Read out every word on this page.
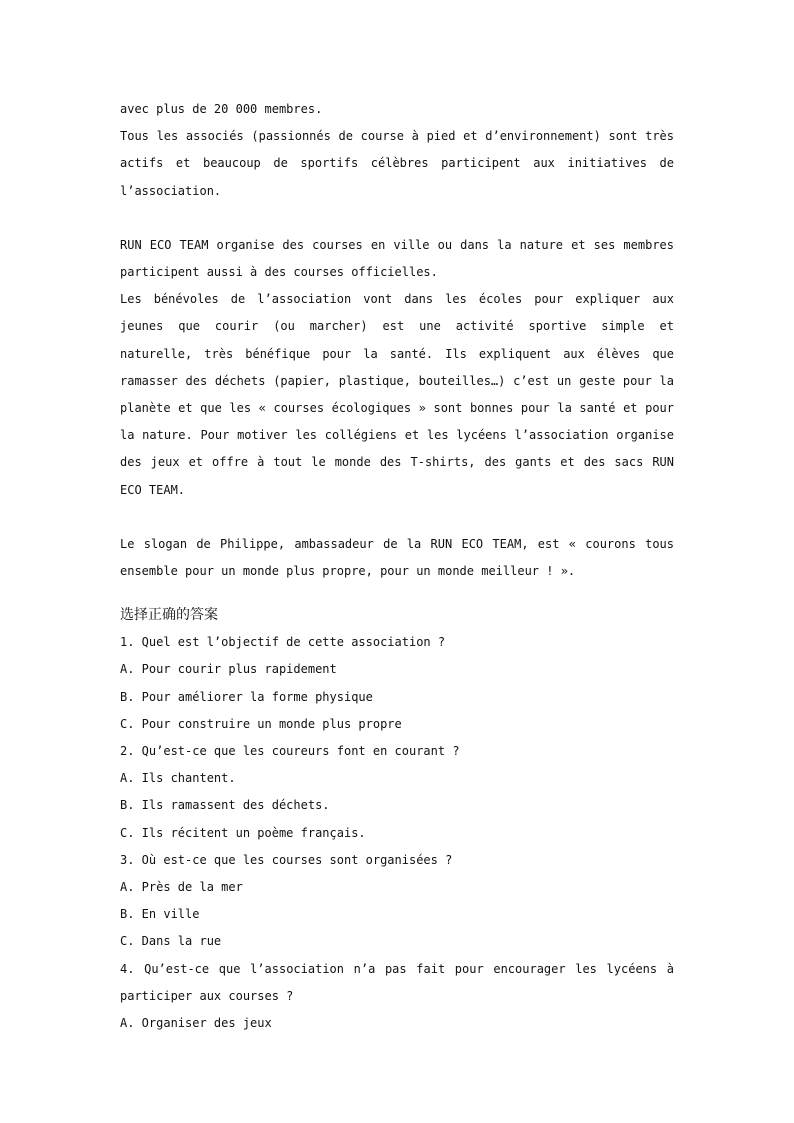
avec plus de 20 000 membres.

Tous les associés (passionnés de course à pied et d’environnement) sont très actifs et beaucoup de sportifs célèbres participent aux initiatives de l’association.

RUN ECO TEAM organise des courses en ville ou dans la nature et ses membres participent aussi à des courses officielles.

Les bénévoles de l’association vont dans les écoles pour expliquer aux jeunes que courir (ou marcher) est une activité sportive simple et naturelle, très bénéfique pour la santé. Ils expliquent aux élèves que ramasser des déchets (papier, plastique, bouteilles…) c’est un geste pour la planète et que les « courses écologiques » sont bonnes pour la santé et pour la nature. Pour motiver les collégiens et les lycéens l’association organise des jeux et offre à tout le monde des T-shirts, des gants et des sacs RUN ECO TEAM.

Le slogan de Philippe, ambassadeur de la RUN ECO TEAM, est « courons tous ensemble pour un monde plus propre, pour un monde meilleur ! ».

选择正确的答案

1. Quel est l’objectif de cette association ?

A. Pour courir plus rapidement

B. Pour améliorer la forme physique

C. Pour construire un monde plus propre

2. Qu’est-ce que les coureurs font en courant ?

A. Ils chantent.

B. Ils ramassent des déchets.

C. Ils récitent un poème français.

3. Où est-ce que les courses sont organisées ?

A. Près de la mer

B. En ville

C. Dans la rue

4. Qu’est-ce que l’association n’a pas fait pour encourager les lycéens à participer aux courses ?

A. Organiser des jeux
